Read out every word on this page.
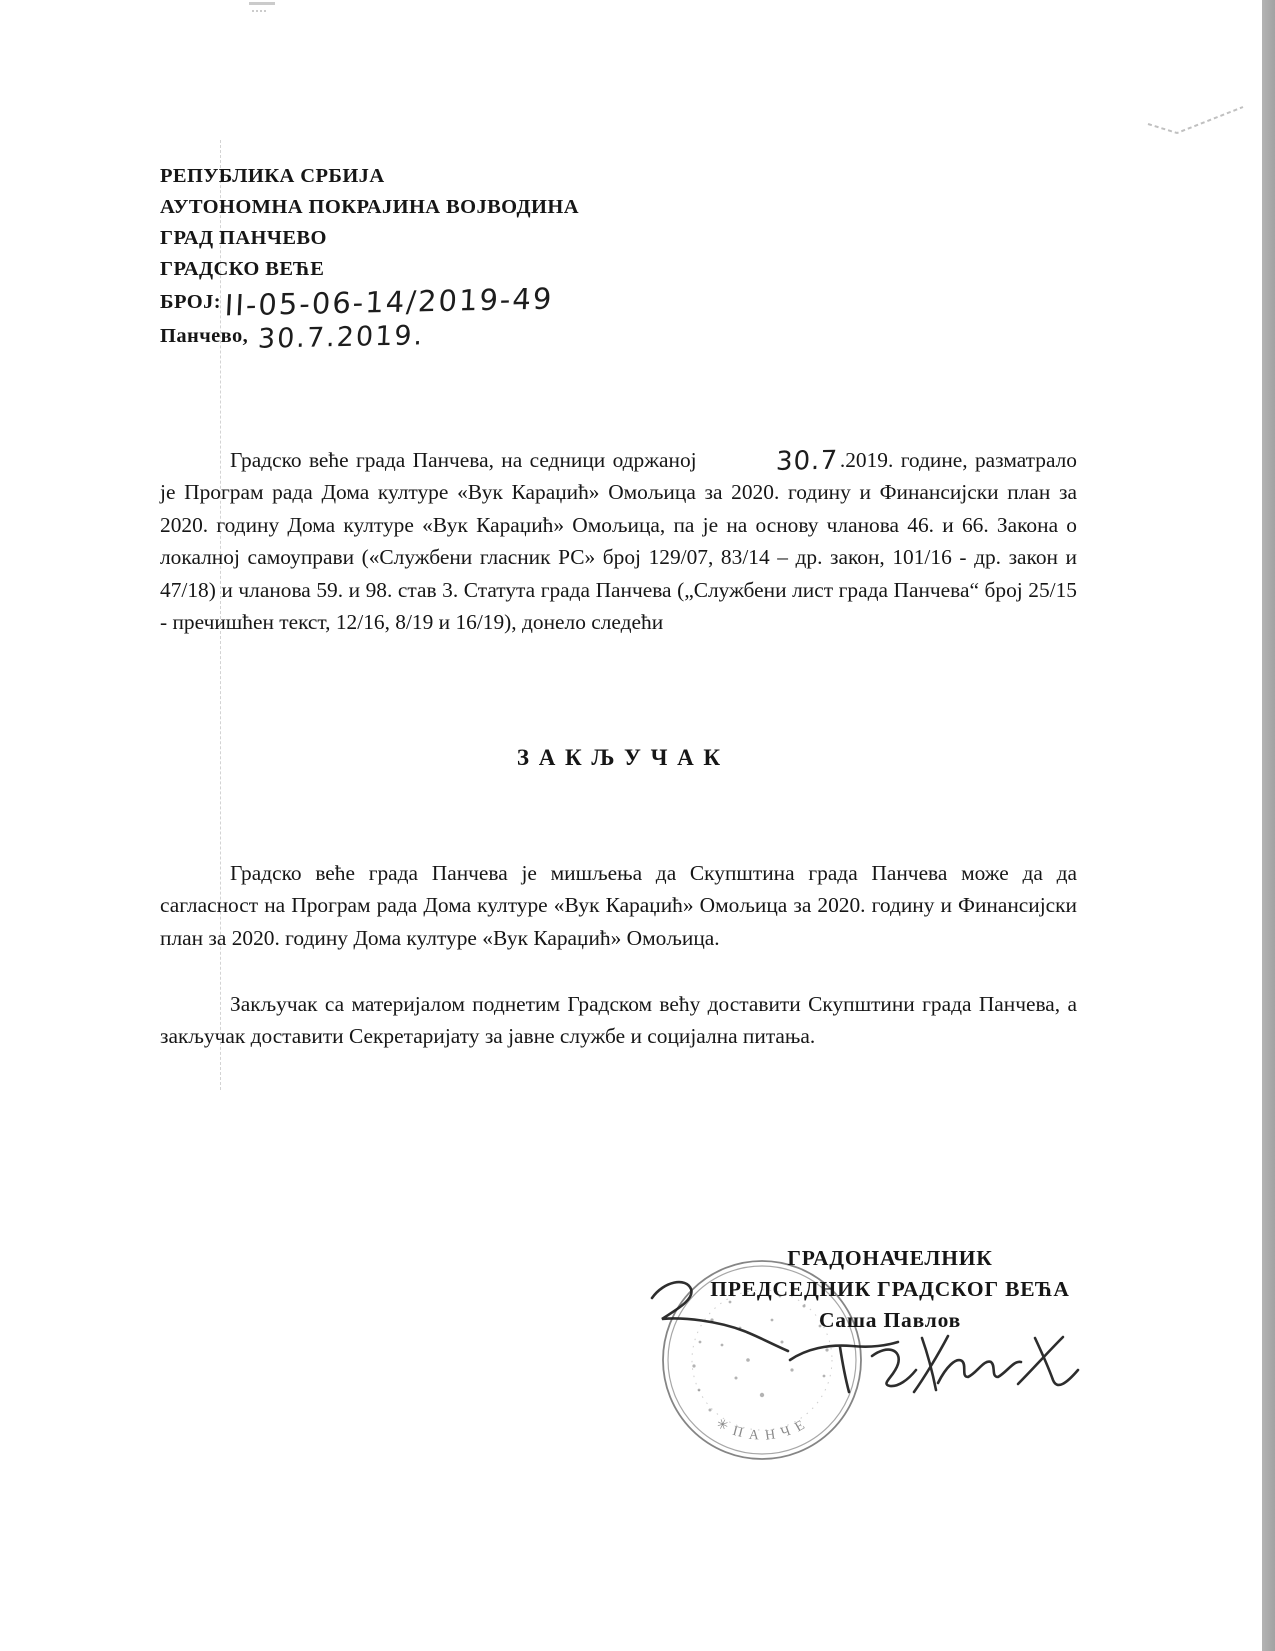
РЕПУБЛИКА СРБИЈА
АУТОНОМНА ПОКРАЈИНА ВОЈВОДИНА
ГРАД ПАНЧЕВО
ГРАДСКО ВЕЋЕ
БРОЈ: II-05-06-14/2019-49
Панчево, 30.7.2019.
Градско веће града Панчева, на седници одржаној	30.7.2019. године, разматрало је Програм рада Дома културе «Вук Караџић» Омољица за 2020. годину и Финансијски план за 2020. годину Дома културе «Вук Караџић» Омољица, па је на основу чланова 46. и 66. Закона о локалној самоуправи («Службени гласник РС» број 129/07, 83/14 – др. закон, 101/16 - др. закон и 47/18) и чланова 59. и 98. став 3. Статута града Панчева („Службени лист града Панчева“ број 25/15 - пречишћен текст, 12/16, 8/19 и 16/19), донело следећи
ЗАКЉУЧАК
Градско веће града Панчева је мишљења да Скупштина града Панчева може да да сагласност на Програм рада Дома културе «Вук Караџић» Омољица за 2020. годину и Финансијски план за 2020. годину Дома културе «Вук Караџић» Омољица.
Закључак са материјалом поднетим Градском већу доставити Скупштини града Панчева, а закључак доставити Секретаријату за јавне службе и социјална питања.
✳ПАНЧЕ
ГРАДОНАЧЕЛНИК
ПРЕДСЕДНИК ГРАДСКОГ ВЕЋА
Саша Павлов
